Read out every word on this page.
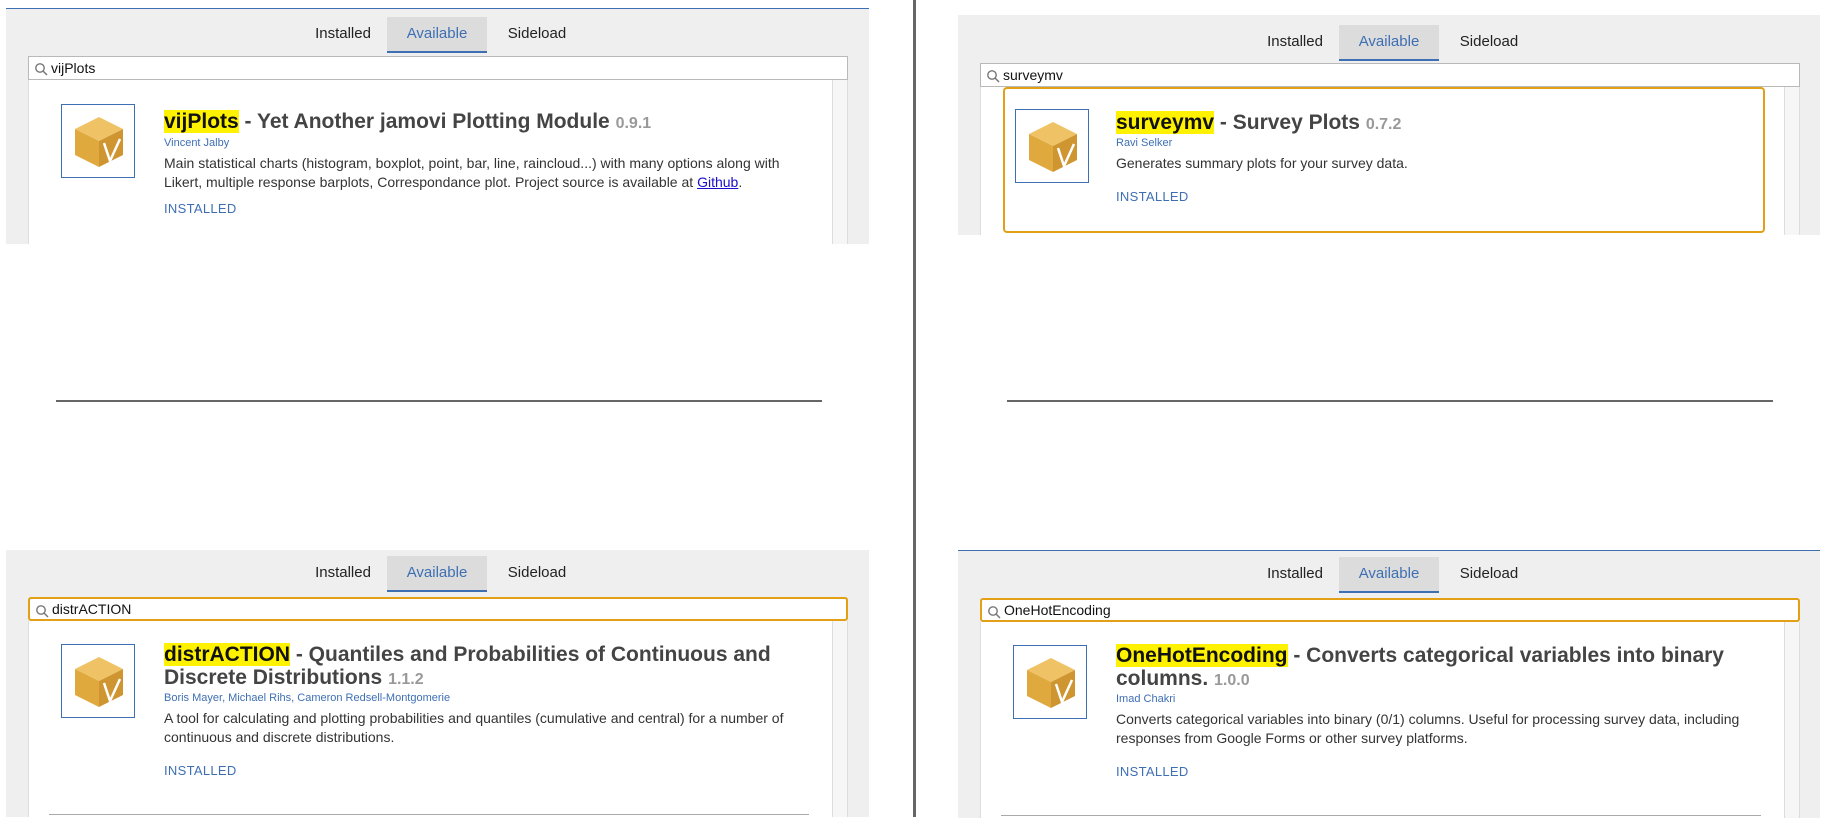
Installed	Available	Sideload
vijPlots
vijPlots - Yet Another jamovi Plotting Module 0.9.1
Vincent Jalby
Main statistical charts (histogram, boxplot, point, bar, line, raincloud...) with many options along with Likert, multiple response barplots, Correspondance plot. Project source is available at Github.
INSTALLED
Installed	Available	Sideload
surveymv
surveymv - Survey Plots 0.7.2
Ravi Selker
Generates summary plots for your survey data.
INSTALLED
Installed	Available	Sideload
distrACTION
distrACTION - Quantiles and Probabilities of Continuous and
Discrete Distributions 1.1.2
Boris Mayer, Michael Rihs, Cameron Redsell-Montgomerie
A tool for calculating and plotting probabilities and quantiles (cumulative and central) for a number of continuous and discrete distributions.
INSTALLED
Installed	Available	Sideload
OneHotEncoding
OneHotEncoding - Converts categorical variables into binary
columns. 1.0.0
Imad Chakri
Converts categorical variables into binary (0/1) columns. Useful for processing survey data, including responses from Google Forms or other survey platforms.
INSTALLED
